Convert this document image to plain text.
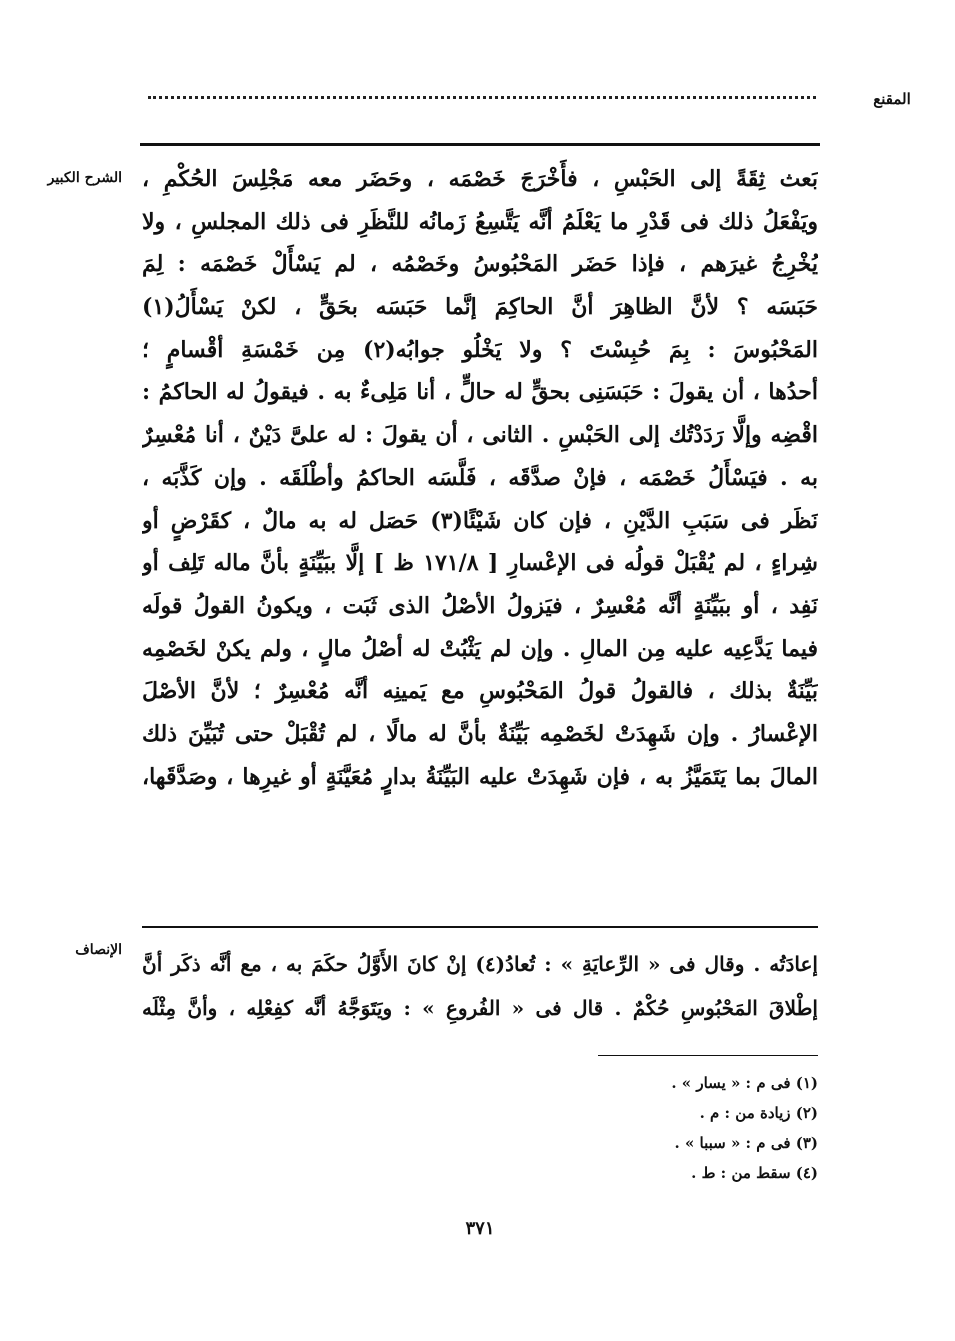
المقنع
الشرح الكبير بَعث ثِقَةً إلى الحَبْسِ ، فأَخْرَجَ خَصْمَه ، وحَضَر معه مَجْلِسَ الحُكْمِ ،
ويَفْعَلُ ذلك فى قَدْرِ ما يَعْلَمُ أنَّه يَتَّسِعُ زَمانُه للنَّظَرِ فى ذلك المجلسِ ، ولا
يُخْرِجُ غيرَهم ، فإذا حَضَر المَحْبُوسُ وخَصْمُه ، لم يَسْأَلْ خَصْمَه : لِمَ
حَبَسَه ؟ لأنَّ الظاهِرَ أنَّ الحاكِمَ إنَّما حَبَسَه بحَقٍّ ، لكنْ يَسْأَلُ(١)
المَحْبُوسَ : بِمَ حُبِسْتَ ؟ ولا يَخْلُو جوابُه(٢) مِن خَمْسَةِ أقْسامٍ ؛
أحدُها ، أن يقولَ : حَبَسَنِى بحقٍّ له حالٍّ ، أنا مَلِىءٌ به . فيقولُ له الحاكمُ :
اقْضِه وإلَّا رَدَدْتُك إلى الحَبْسِ . الثانى ، أن يقولَ : له علىَّ دَيْنٌ ، أنا مُعْسِرٌ
به . فيَسْأَلُ خَصْمَه ، فإنْ صدَّقَه ، فَلَّسَه الحاكمُ وأطْلَقَه . وإن كَذَّبَه ،
نَظَر فى سَبَبِ الدَّيْنِ ، فإن كان شَيْئًا(٣) حَصَل له به مالٌ ، كقَرْضٍ أو
شِراءٍ ، لم يُقْبَلْ قولُه فى الإعْسارِ [ ١٧١/٨ ظ ] إلَّا ببَيِّنَةٍ بأنَّ ماله تَلِف أو
نَفِد ، أو ببَيِّنَةٍ أنَّه مُعْسِرٌ ، فيَزولُ الأصْلُ الذى ثَبَت ، ويكونُ القولُ قولَه
فيما يَدَّعِيه عليه مِن المالِ . وإن لم يَثْبُتْ له أصْلُ مالٍ ، ولم يكنْ لخَصْمِه
بَيِّنَةٌ بذلك ، فالقولُ قولُ المَحْبُوسِ مع يَمينِه أنَّه مُعْسِرٌ ؛ لأنَّ الأصْلَ
الإعْسارُ . وإن شَهِدَتْ لخَصْمِه بَيِّنَةٌ بأنَّ له مالًا ، لم تُقْبَلْ حتى تُبَيِّنَ ذلك
المالَ بما يَتَمَيَّزُ به ، فإن شَهِدَتْ عليه البَيِّنَةُ بدارٍ مُعَيَّنَةٍ أو غيرِها ، وصَدَّقَها،
الإنصاف
إعادَتُه . وقال فى « الرِّعايَةِ » : تُعادُ(٤) إنْ كانَ الأَوَّلُ حكَمَ به ، مع أنَّه ذكَر أنَّ
إطْلاقَ المَحْبُوسِ حُكْمٌ . قال فى « الفُروعِ » : ويَتَوَجَّهُ أنَّه كفِعْلِه ، وأنَّ مِثْلَه
(١) فى م : « يسار » .
(٢) زيادة من : م .
(٣) فى م : « سببا » .
(٤) سقط من : ط .
٣٧١
